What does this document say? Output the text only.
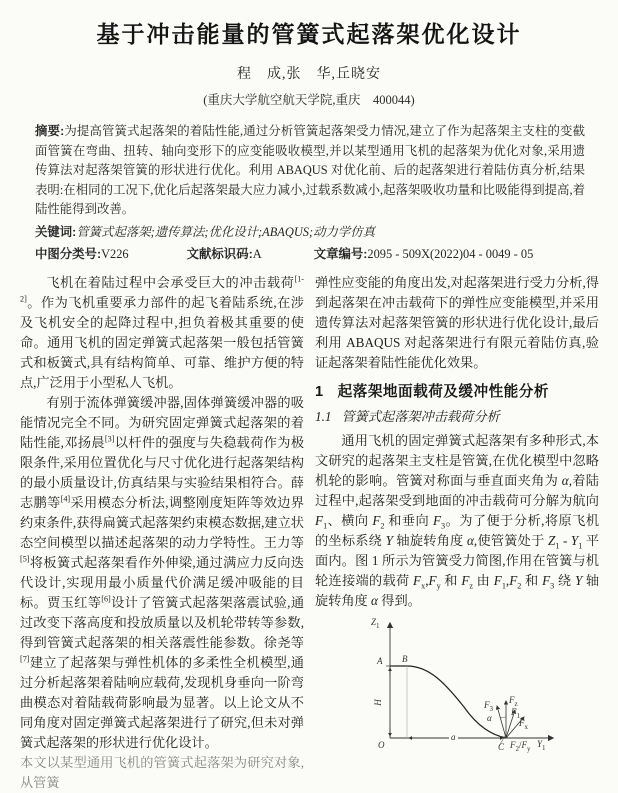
基于冲击能量的管簧式起落架优化设计
程　成,张　华,丘晓安
(重庆大学航空航天学院,重庆　400044)
摘要:为提高管簧式起落架的着陆性能,通过分析管簧起落架受力情况,建立了作为起落架主支柱的变截面管簧在弯曲、扭转、轴向变形下的应变能吸收模型,并以某型通用飞机的起落架为优化对象,采用遗传算法对起落架管簧的形状进行优化。利用 ABAQUS 对优化前、后的起落架进行着陆仿真分析,结果表明:在相同的工况下,优化后起落架最大应力减小,过载系数减小,起落架吸收功量和比吸能得到提高,着陆性能得到改善。
关键词:管簧式起落架;遗传算法;优化设计;ABAQUS;动力学仿真
中图分类号:V226	文献标识码:A	文章编号:2095 - 509X(2022)04 - 0049 - 05

飞机在着陆过程中会承受巨大的冲击载荷[1-2]。作为飞机重要承力部件的起飞着陆系统,在涉及飞机安全的起降过程中,担负着极其重要的使命。通用飞机的固定弹簧式起落架一般包括管簧式和板簧式,具有结构简单、可靠、维护方便的特点,广泛用于小型私人飞机。

有别于流体弹簧缓冲器,固体弹簧缓冲器的吸能情况完全不同。为研究固定弹簧式起落架的着陆性能,邓扬晨[3]以杆件的强度与失稳载荷作为极限条件,采用位置优化与尺寸优化进行起落架结构的最小质量设计,仿真结果与实验结果相符合。薛志鹏等[4]采用模态分析法,调整刚度矩阵等效边界约束条件,获得扁簧式起落架约束模态数据,建立状态空间模型以描述起落架的动力学特性。王力等[5]将板簧式起落架看作外伸梁,通过满应力反向迭代设计,实现用最小质量代价满足缓冲吸能的目标。贾玉红等[6]设计了管簧式起落架落震试验,通过改变下落高度和投放质量以及机轮带转等参数,得到管簧式起落架的相关落震性能参数。徐尧等[7]建立了起落架与弹性机体的多柔性全机模型,通过分析起落架着陆响应载荷,发现机身垂向一阶弯曲模态对着陆载荷影响最为显著。以上论文从不同角度对固定弹簧式起落架进行了研究,但未对弹簧式起落架的形状进行优化设计。

本文以某型通用飞机的管簧式起落架为研究对象,从管簧

弹性应变能的角度出发,对起落架进行受力分析,得到起落架在冲击载荷下的弹性应变能模型,并采用遗传算法对起落架管簧的形状进行优化设计,最后利用 ABAQUS 对起落架进行有限元着陆仿真,验证起落架着陆性能优化效果。

1 起落架地面载荷及缓冲性能分析
1.1 管簧式起落架冲击载荷分析

通用飞机的固定弹簧式起落架有多种形式,本文研究的起落架主支柱是管簧,在优化模型中忽略机轮的影响。管簧对称面与垂直面夹角为 α,着陆过程中,起落架受到地面的冲击载荷可分解为航向 $F_1$、横向 $F_2$ 和垂向 $F_3$。为了便于分析,将原飞机的坐标系绕 Y 轴旋转角度 α,使管簧处于 $Z_1 - Y_1$ 平面内。图 1 所示为管簧受力简图,作用在管簧与机轮连接端的载荷 $F_x,F_y$ 和 $F_z$ 由 $F_1,F_2$ 和 $F_3$ 绕 Y 轴旋转角度 α 得到。

$Z_1$
$Y_1$
A B
O	C
H
a
$F_z$
$F_3$ $F_1$
$F_x$
α
$F_2/F_y$
